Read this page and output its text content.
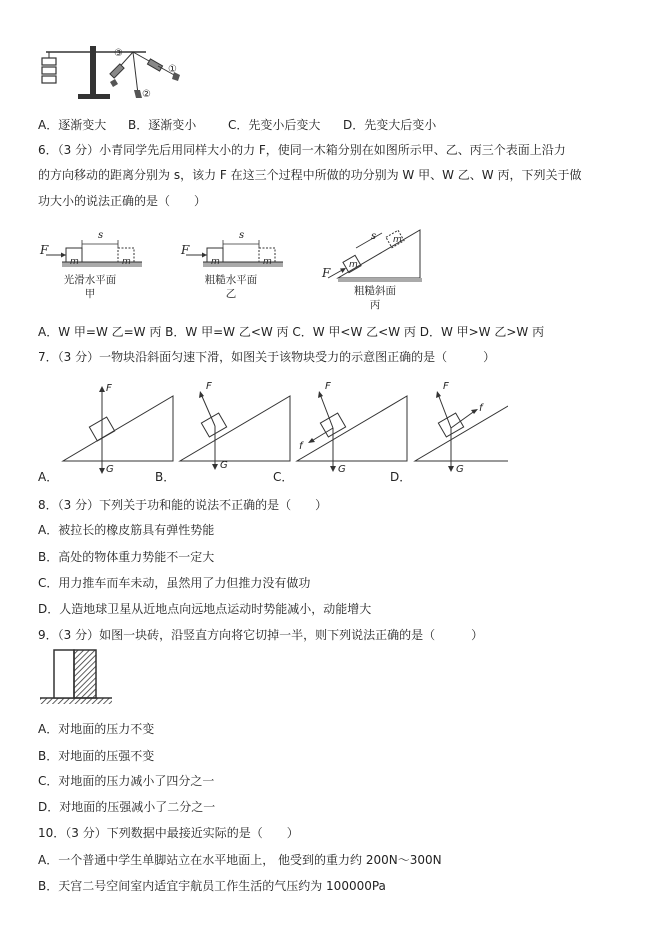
③
②
①
A．逐渐变大 B．逐渐变小	C．先变小后变大 D．先变大后变小
6．（3 分）小青同学先后用同样大小的力 F，使同一木箱分别在如图所示甲、乙、丙三个表面上沿力
的方向移动的距离分别为 s，该力 F 在这三个过程中所做的功分别为 W 甲、W 乙、W 丙，下列关于做
功大小的说法正确的是（　　）
F
s
m	m
光滑水平面
甲
F
s
m	m
粗糙水平面
乙
F
s
m
m
粗糙斜面
丙
A．W 甲=W 乙=W 丙 B．W 甲=W 乙<W 丙 C．W 甲<W 乙<W 丙 D．W 甲>W 乙>W 丙
7．（3 分）一物块沿斜面匀速下滑，如图关于该物块受力的示意图正确的是（　　　）
A．	B．	C．	D．
F
G
F
G
F
G
f
F
G
f
8．（3 分）下列关于功和能的说法不正确的是（　　）
A．被拉长的橡皮筋具有弹性势能
B．高处的物体重力势能不一定大
C．用力推车而车未动，虽然用了力但推力没有做功
D．人造地球卫星从近地点向远地点运动时势能减小，动能增大
9．（3 分）如图一块砖，沿竖直方向将它切掉一半，则下列说法正确的是（　　　）
A．对地面的压力不变
B．对地面的压强不变
C．对地面的压力减小了四分之一
D．对地面的压强减小了二分之一
10．（3 分）下列数据中最接近实际的是（　　）
A．一个普通中学生单脚站立在水平地面上， 他受到的重力约 200N～300N
B．天宫二号空间室内适宜宇航员工作生活的气压约为 100000Pa
